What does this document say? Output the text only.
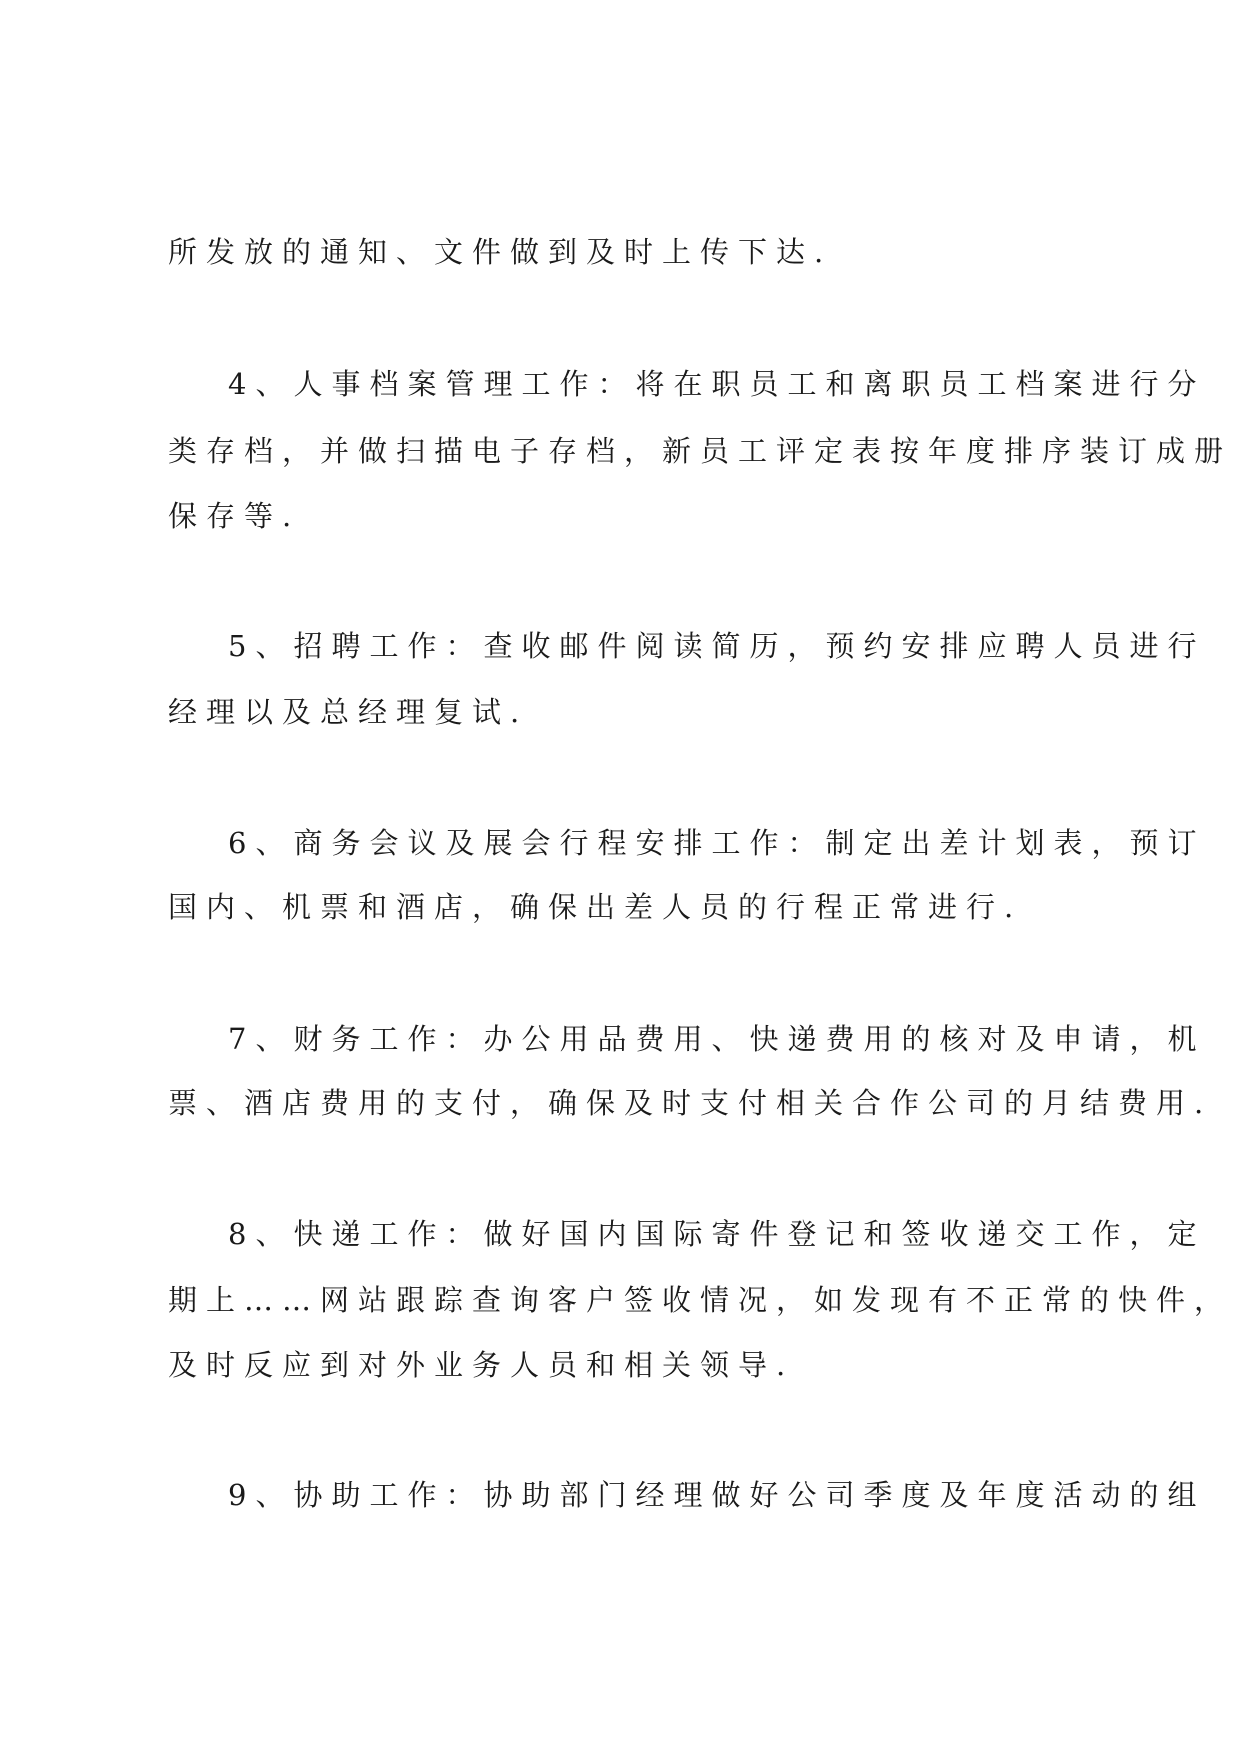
所发放的通知、文件做到及时上传下达.
4、人事档案管理工作：将在职员工和离职员工档案进行分
类存档，并做扫描电子存档，新员工评定表按年度排序装订成册
保存等.
5、招聘工作：查收邮件阅读简历，预约安排应聘人员进行
经理以及总经理复试.
6、商务会议及展会行程安排工作：制定出差计划表，预订
国内、机票和酒店，确保出差人员的行程正常进行.
7、财务工作：办公用品费用、快递费用的核对及申请，机
票、酒店费用的支付，确保及时支付相关合作公司的月结费用.
8、快递工作：做好国内国际寄件登记和签收递交工作，定
期上……网站跟踪查询客户签收情况，如发现有不正常的快件，
及时反应到对外业务人员和相关领导.
9、协助工作：协助部门经理做好公司季度及年度活动的组
